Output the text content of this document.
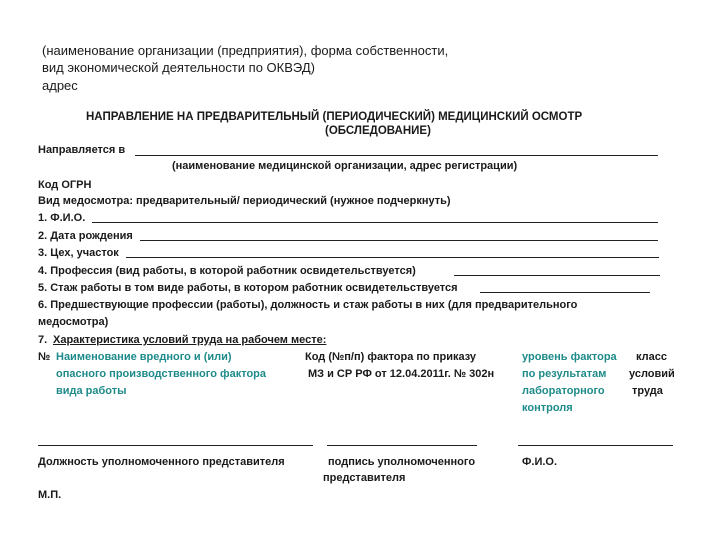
(наименование организации (предприятия), форма собственности,
вид экономической деятельности по ОКВЭД)
адрес
НАПРАВЛЕНИЕ НА ПРЕДВАРИТЕЛЬНЫЙ (ПЕРИОДИЧЕСКИЙ) МЕДИЦИНСКИЙ ОСМОТР
(ОБСЛЕДОВАНИЕ)
Направляется в
(наименование медицинской организации, адрес регистрации)
Код ОГРН
Вид медосмотра: предварительный/ периодический (нужное подчеркнуть)
1. Ф.И.О.
2. Дата рождения
3. Цех, участок
4. Профессия (вид работы, в которой работник освидетельствуется)
5. Стаж работы в том виде работы, в котором работник освидетельствуется
6. Предшествующие профессии (работы), должность и стаж работы в них (для предварительного
медосмотра)
7. Характеристика условий труда на рабочем месте:
№ Наименование вредного и (или)
опасного производственного фактора
вида работы
Код (№п/п) фактора по приказу
МЗ и СР РФ от 12.04.2011г. № 302н
уровень фактора
по результатам
лабораторного
контроля
класс
условий
труда
Должность уполномоченного представителя	подпись уполномоченного
представителя
Ф.И.О.
М.П.
